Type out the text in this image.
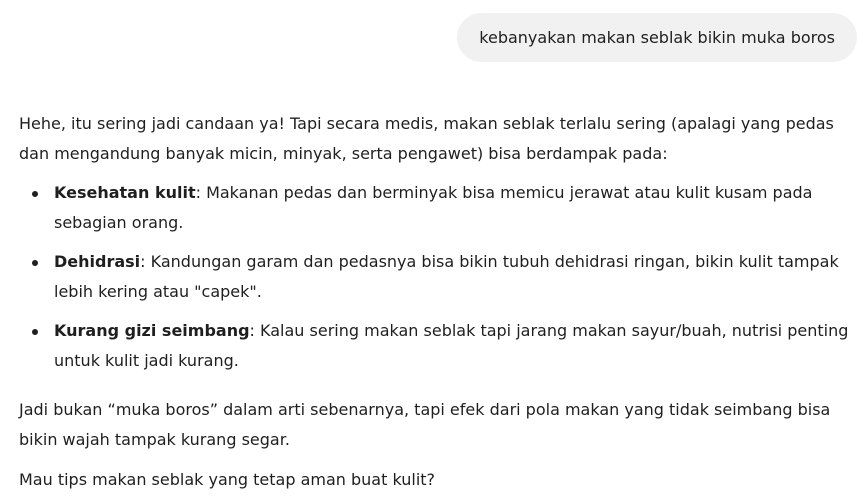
kebanyakan makan seblak bikin muka boros

Hehe, itu sering jadi candaan ya! Tapi secara medis, makan seblak terlalu sering (apalagi yang pedas dan mengandung banyak micin, minyak, serta pengawet) bisa berdampak pada:

Kesehatan kulit: Makanan pedas dan berminyak bisa memicu jerawat atau kulit kusam pada sebagian orang.
Dehidrasi: Kandungan garam dan pedasnya bisa bikin tubuh dehidrasi ringan, bikin kulit tampak lebih kering atau "capek".
Kurang gizi seimbang: Kalau sering makan seblak tapi jarang makan sayur/buah, nutrisi penting untuk kulit jadi kurang.

Jadi bukan “muka boros” dalam arti sebenarnya, tapi efek dari pola makan yang tidak seimbang bisa bikin wajah tampak kurang segar.

Mau tips makan seblak yang tetap aman buat kulit?
